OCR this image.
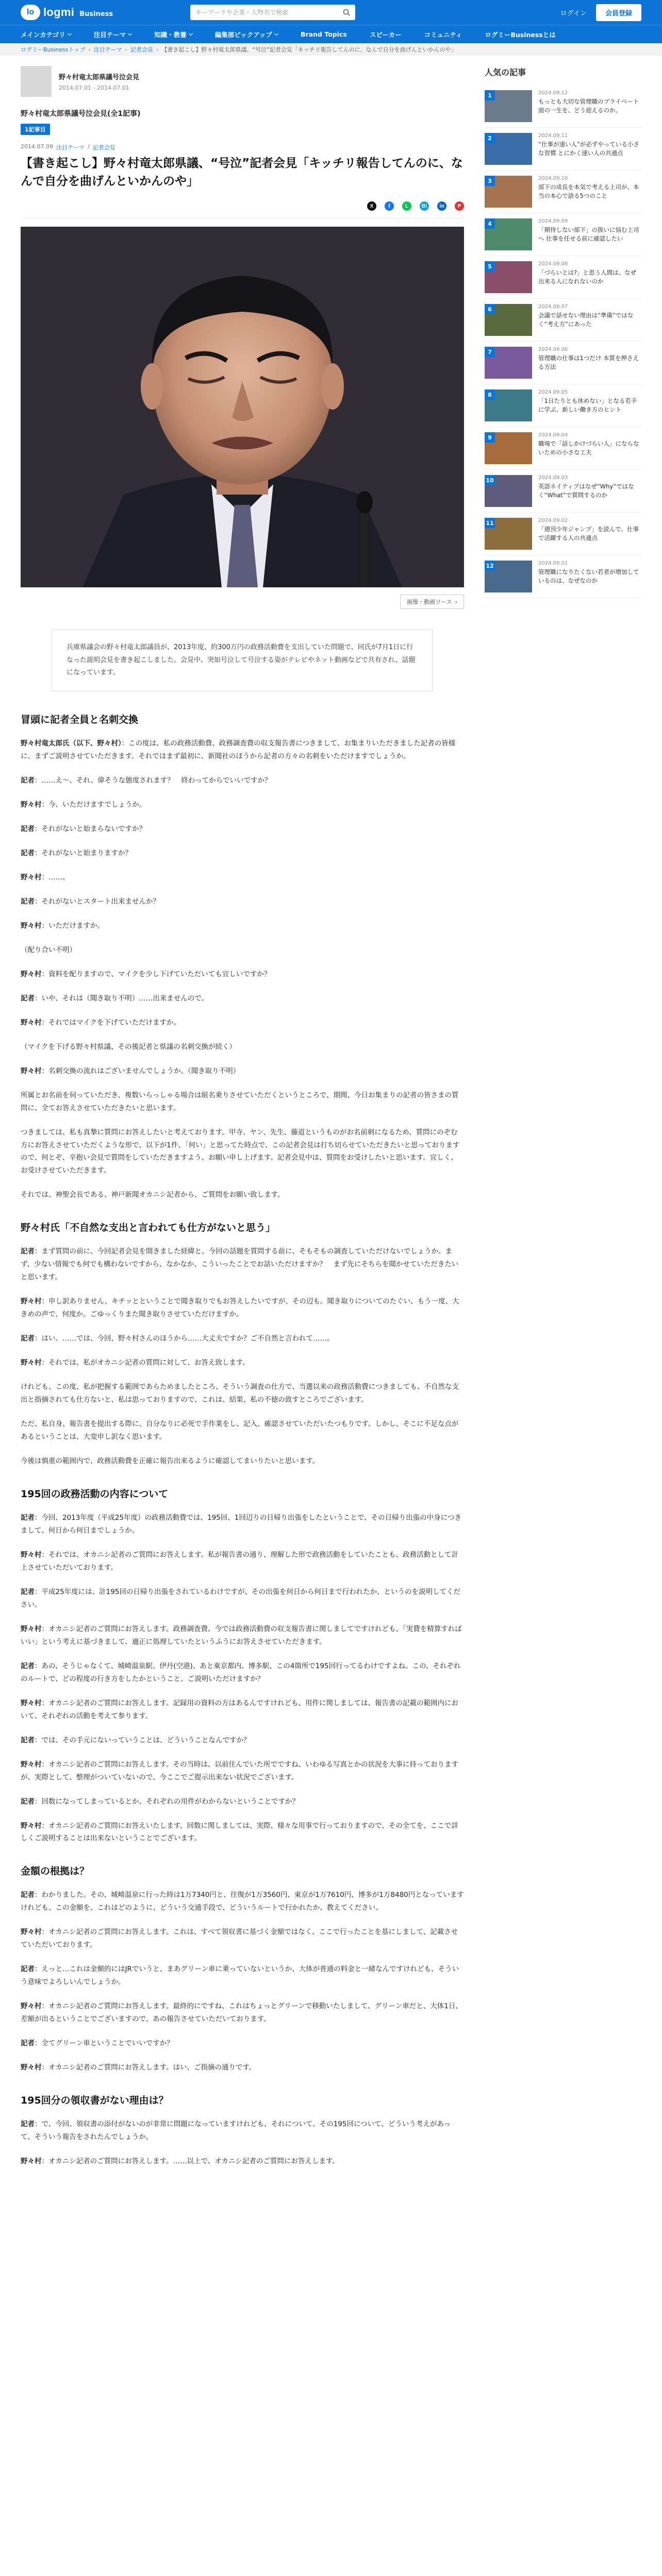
lo logmi Business
キーワードや企業・人物名で検索	ログイン	会員登録
メインカテゴリ	注目テーマ	知識・教養	編集部ピックアップ	Brand Topics	スピーカー	コミュニティ	ログミーBusinessとは
ログミーBusinessトップ › 注目テーマ › 記者会見 › 【書き起こし】野々村竜太郎県議、“号泣”記者会見「キッチリ報告してんのに、なんで自分を曲げんといかんのや」
野々村竜太郎県議号泣会見
2014.07.01 - 2014.07.01
野々村竜太郎県議号泣会見(全1記事)
1記事目
2014.07.09 注目テーマ / 記者会見
【書き起こし】野々村竜太郎県議、“号泣”記者会見「キッチリ報告してんのに、なんで自分を曲げんといかんのや」
X	f	L	B!	in	P
画像・動画ソース ›
兵庫県議会の野々村竜太郎議員が、2013年度、約300万円の政務活動費を支出していた問題で、同氏が7月1日に行なった説明会見を書き起こしました。会見中、突如号泣して号泣する姿がテレビやネット動画などで共有され、話題になっています。
冒頭に記者全員と名刺交換

野々村竜太郎氏（以下、野々村）：この度は、私の政務活動費、政務調査費の収支報告書につきまして、お集まりいただきました記者の皆様に、まずご説明させていただきます。それではまず最初に、新聞社のほうから記者の方々の名刺をいただけますでしょうか。

記者：……え〜、それ、偉そうな態度されます？　終わってからでいいですか？

野々村：今、いただけますでしょうか。

記者：それがないと始まらないですか？

記者：それがないと始まりますか？

野々村：……。

記者：それがないとスタート出来ませんか？

野々村：いただけますか。

（配り合い不明）

野々村：資料を配りますので、マイクを少し下げていただいても宜しいですか？

記者：いや、それは（聞き取り不明）……出来ませんので。

野々村：それではマイクを下げていただけますか。

（マイクを下げる野々村県議、その後記者と県議の名刺交換が続く）

野々村：名刺交換の流れはございませんでしょうか。（聞き取り不明）

所属とお名前を伺っていただき、複数いらっしゃる場合は組名乗りさせていただくというところで、期間、今日お集まりの記者の皆さまの質問に、全てお答えさせていただきたいと思います。

つきましては、私も真摯に質問にお答えしたいと考えております。甲寺、ヤン、先生、藤道というものがお名前刺になるため、質問にのぞむ方にお答えさせていただくような形で、以下が1件、「何い」と思ってた時点で、この記者会見は打ち切らせていただきたいと思っておりますので、何とぞ、辛抱い会見で質問をしていただきますよう、お願い申し上げます。記者会見中は、質問をお受けしたいと思います。宜しく、お受けさせていただきます。

それでは、神聖会長である、神戸新聞オカニシ記者から、ご質問をお願い致します。

野々村氏「不自然な支出と言われても仕方がないと思う」

記者：まず質問の前に、今回記者会見を開きました経緯と、今回の話題を質問する前に、そもそもの調査していただけないでしょうか。まず、少ない情報でも何でも構わないですから、なかなか、こういったことでお話いただけますか？　まず先にそちらを聞かせていただきたいと思います。

野々村：申し訳ありません、キチッとということで聞き取りでもお答えしたいですが、その辺も。聞き取りについてのたぐい、もう一度、大きめの声で、何度か。ごゆっくりまた聞き取りさせていただけますか。

記者：はい。……では、今回、野々村さんのほうから……大丈夫ですか？ご不自然と言われて……。

野々村：それでは、私がオカニシ記者の質問に対して、お答え致します。

けれども、この度、私が把握する範囲であらためましたところ、そういう調査の仕方で、当選以来の政務活動費につきましても、不自然な支出と指摘されても仕方ないと、私は思っておりますので、これは、結果、私の不徳の致すところでございます。

ただ、私自身、報告書を提出する際に、自分なりに必死で手作業をし、記入、確認させていただいたつもりです。しかし、そこに不足な点があるということは、大変申し訳なく思います。

今後は慎重の範囲内で、政務活動費を正確に報告出来るように確認してまいりたいと思います。

195回の政務活動の内容について

記者：今回、2013年度（平成25年度）の政務活動費では、195回、1回辺りの日帰り出張をしたということで、その日帰り出張の中身につきまして、何日から何日までしょうか。

野々村：それでは、オカニシ記者のご質問にお答えします。私が報告書の通り、理解した形で政務活動をしていたことも、政務活動として計上させていただいております。

記者：平成25年度には、計195回の日帰り出張をされているわけですが、その出張を何日から何日まで行われたか、というのを説明してください。

野々村：オカニシ記者のご質問にお答えします。政務調査費、今では政務活動費の収支報告書に関しましてですけれども、「実費を精算すればいい」という考えに基づきまして、適正に処理していたというふうにお答えさせていただきます。

記者：あの、そうじゃなくて、城崎温泉駅、伊丹(空港)、あと東京都内、博多駅、この4箇所で195回行ってるわけですよね。この、それぞれのルートで、どの程度の行き方をしたかということ、ご説明いただけますか？

野々村：オカニシ記者のご質問にお答えします。記録用の資料の方はあるんですけれども、用件に関しましては、報告書の記載の範囲内において、それぞれの活動を考えて参ります。

記者：では、その手元にないっていうことは、どういうことなんですか？

野々村：オカニシ記者のご質問にお答えします。その当時は、以前住んでいた所でですね、いわゆる写真とかの状況を大事に持っておりますが、実際として、整理がついていないので、今ここでご提示出来ない状況でございます。

記者：回数になってしまっているとか、それぞれの用件がわからないということですか？

野々村：オカニシ記者のご質問にお答えいたします。回数に関しましては、実際、様々な用事で行っておりますので、その全てを、ここで詳しくご説明することは出来ないということでございます。

金額の根拠は？

記者：わかりました。その、城崎温泉に行った時は1万7340円と、往復が1万3560円、東京が1万7610円、博多が1万8480円となっていますけれども、この金額を、これはどのように、どういう交通手段で、どういうルートで行かれたか、教えてください。

野々村：オカニシ記者のご質問にお答えします。これは、すべて領収書に基づく金額ではなく、ここで行ったことを基にしまして、記載させていただいております。

記者：えっと…これは金額的にはJRでいうと、まあグリーン車に乗っていないというか、大体が普通の料金と一緒なんですけれども、そういう意味でよろしいんでしょうか。

野々村：オカニシ記者のご質問にお答えします。最終的にですね、これはちょっとグリーンで移動いたしまして、グリーン車だと、大体1日、差額が出るということでございますので、あの報告させていただいております。

記者：全てグリーン車ということでいいですか？

野々村：オカニシ記者のご質問にお答えします。はい、ご指摘の通りです。

195回分の領収書がない理由は？

記者：で、今回、領収書の添付がないのが非常に問題になっていますけれども、それについて、その195回について、どういう考えがあって、そういう報告をされたんでしょうか。

野々村：オカニシ記者のご質問にお答えします。……以上で、オカニシ記者のご質問にお答えします。

人気の記事
1	2024.09.12
もっとも大切な管理職のプライベート面の一生を、どう迎えるのか。
2	2024.09.11
“仕事が速い人”が必ずやっている小さな習慣 とにかく速い人の共通点
3	2024.09.10
部下の成長を本気で考える上司が、本当の本心で語る5つのこと
4	2024.09.09
「期待しない部下」の扱いに悩む上司へ 仕事を任せる前に確認したい
5	2024.09.08
「づらいとは?」と思う人間は、なぜ出来る人になれないのか
6	2024.09.07
会議で話せない理由は“準備”ではなく“考え方”にあった
7	2024.09.06
管理職の仕事は1つだけ 本質を押さえる方法
8	2024.09.05
「1日たりとも休めない」となる若手に学ぶ、新しい働き方のヒント
9	2024.09.04
職場で「話しかけづらい人」にならないための小さな工夫
10	2024.09.03
英語ネイティブはなぜ“Why”ではなく“What”で質問するのか
11	2024.09.02
「週刊少年ジャンプ」を読んで、仕事で活躍する人の共通点
12	2024.09.01
管理職になりたくない若者が増加しているのは、なぜなのか
